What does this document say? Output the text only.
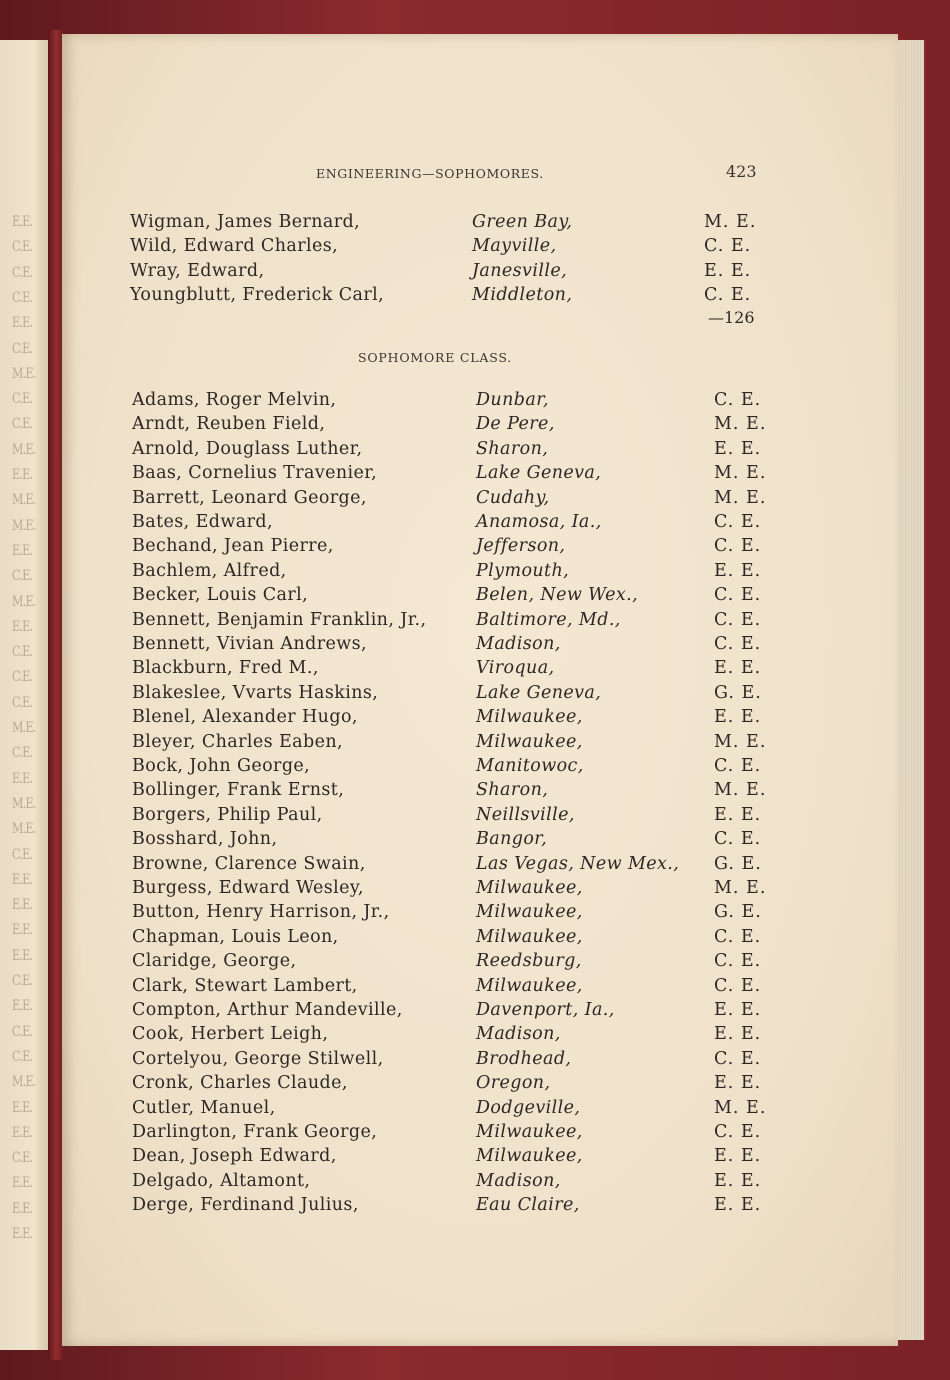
ENGINEERING—SOPHOMORES.	423
Wigman, James Bernard,	Green Bay,	M. E.
Wild, Edward Charles,	Mayville,	C. E.
Wray, Edward,	Janesville,	E. E.
Youngblutt, Frederick Carl,	Middleton,	C. E.
—126
SOPHOMORE CLASS.
Adams, Roger Melvin,	Dunbar,	C. E.
Arndt, Reuben Field,	De Pere,	M. E.
Arnold, Douglass Luther,	Sharon,	E. E.
Baas, Cornelius Travenier,	Lake Geneva,	M. E.
Barrett, Leonard George,	Cudahy,	M. E.
Bates, Edward,	Anamosa, Ia.,	C. E.
Bechand, Jean Pierre,	Jefferson,	C. E.
Bachlem, Alfred,	Plymouth,	E. E.
Becker, Louis Carl,	Belen, New Wex.,	C. E.
Bennett, Benjamin Franklin, Jr.,	Baltimore, Md.,	C. E.
Bennett, Vivian Andrews,	Madison,	C. E.
Blackburn, Fred M.,	Viroqua,	E. E.
Blakeslee, Vvarts Haskins,	Lake Geneva,	G. E.
Blenel, Alexander Hugo,	Milwaukee,	E. E.
Bleyer, Charles Eaben,	Milwaukee,	M. E.
Bock, John George,	Manitowoc,	C. E.
Bollinger, Frank Ernst,	Sharon,	M. E.
Borgers, Philip Paul,	Neillsville,	E. E.
Bosshard, John,	Bangor,	C. E.
Browne, Clarence Swain,	Las Vegas, New Mex., G. E.
Burgess, Edward Wesley,	Milwaukee,	M. E.
Button, Henry Harrison, Jr.,	Milwaukee,	G. E.
Chapman, Louis Leon,	Milwaukee,	C. E.
Claridge, George,	Reedsburg,	C. E.
Clark, Stewart Lambert,	Milwaukee,	C. E.
Compton, Arthur Mandeville,	Davenport, Ia.,	E. E.
Cook, Herbert Leigh,	Madison,	E. E.
Cortelyou, George Stilwell,	Brodhead,	C. E.
Cronk, Charles Claude,	Oregon,	E. E.
Cutler, Manuel,	Dodgeville,	M. E.
Darlington, Frank George,	Milwaukee,	C. E.
Dean, Joseph Edward,	Milwaukee,	E. E.
Delgado, Altamont,	Madison,	E. E.
Derge, Ferdinand Julius,	Eau Claire,	E. E.
E.E.
C.E.
C.E.
C.E.
E.E.
C.E.
M.E.
C.E.
C.E.
M.E.
E.E.
M.E.
M.E.
E.E.
C.E.
M.E.
E.E.
C.E.
C.E.
C.E.
M.E.
C.E.
E.E.
M.E.
M.E.
C.E.
E.E.
E.E.
E.E.
E.E.
C.E.
E.E.
C.E.
C.E.
M.E.
E.E.
E.E.
C.E.
E.E.
E.E.
E.E.
